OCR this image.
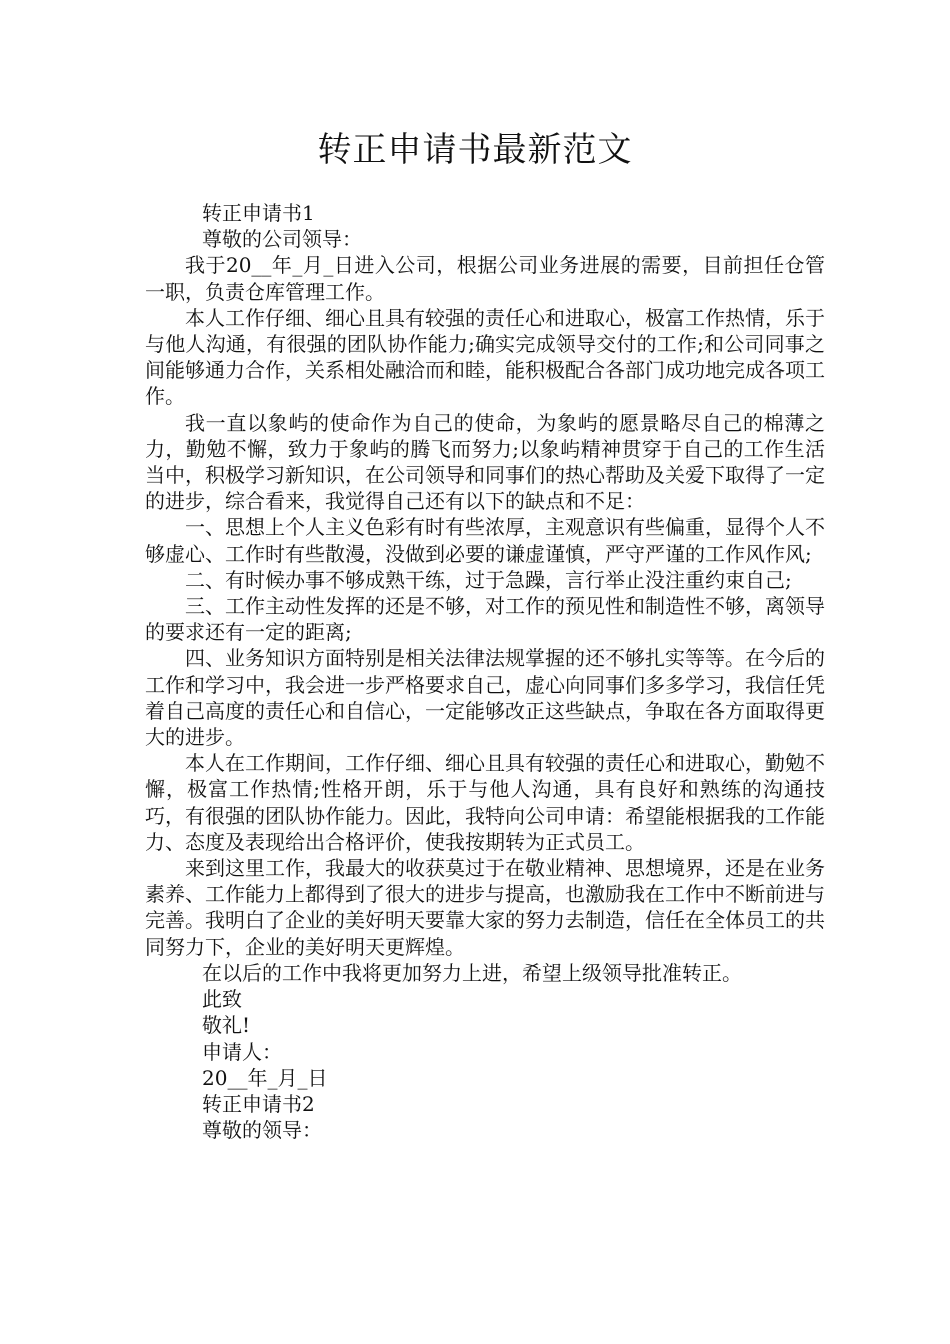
转正申请书最新范文

转正申请书1

尊敬的公司领导：

我于20__年_月_日进入公司，根据公司业务进展的需要，目前担任仓管一职，负责仓库管理工作。

本人工作仔细、细心且具有较强的责任心和进取心，极富工作热情，乐于与他人沟通，有很强的团队协作能力;确实完成领导交付的工作;和公司同事之间能够通力合作，关系相处融洽而和睦，能积极配合各部门成功地完成各项工作。

我一直以象屿的使命作为自己的使命，为象屿的愿景略尽自己的棉薄之力，勤勉不懈，致力于象屿的腾飞而努力;以象屿精神贯穿于自己的工作生活当中，积极学习新知识，在公司领导和同事们的热心帮助及关爱下取得了一定的进步，综合看来，我觉得自己还有以下的缺点和不足：

一、思想上个人主义色彩有时有些浓厚，主观意识有些偏重，显得个人不够虚心、工作时有些散漫，没做到必要的谦虚谨慎，严守严谨的工作风作风;

二、有时候办事不够成熟干练，过于急躁，言行举止没注重约束自己;

三、工作主动性发挥的还是不够，对工作的预见性和制造性不够，离领导的要求还有一定的距离;

四、业务知识方面特别是相关法律法规掌握的还不够扎实等等。在今后的工作和学习中，我会进一步严格要求自己，虚心向同事们多多学习，我信任凭着自己高度的责任心和自信心，一定能够改正这些缺点，争取在各方面取得更大的进步。

本人在工作期间，工作仔细、细心且具有较强的责任心和进取心，勤勉不懈，极富工作热情;性格开朗，乐于与他人沟通，具有良好和熟练的沟通技巧，有很强的团队协作能力。因此，我特向公司申请：希望能根据我的工作能力、态度及表现给出合格评价，使我按期转为正式员工。

来到这里工作，我最大的收获莫过于在敬业精神、思想境界，还是在业务素养、工作能力上都得到了很大的进步与提高，也激励我在工作中不断前进与完善。我明白了企业的美好明天要靠大家的努力去制造，信任在全体员工的共同努力下，企业的美好明天更辉煌。

在以后的工作中我将更加努力上进，希望上级领导批准转正。

此致

敬礼!

申请人：

20__年_月_日

转正申请书2

尊敬的领导：
